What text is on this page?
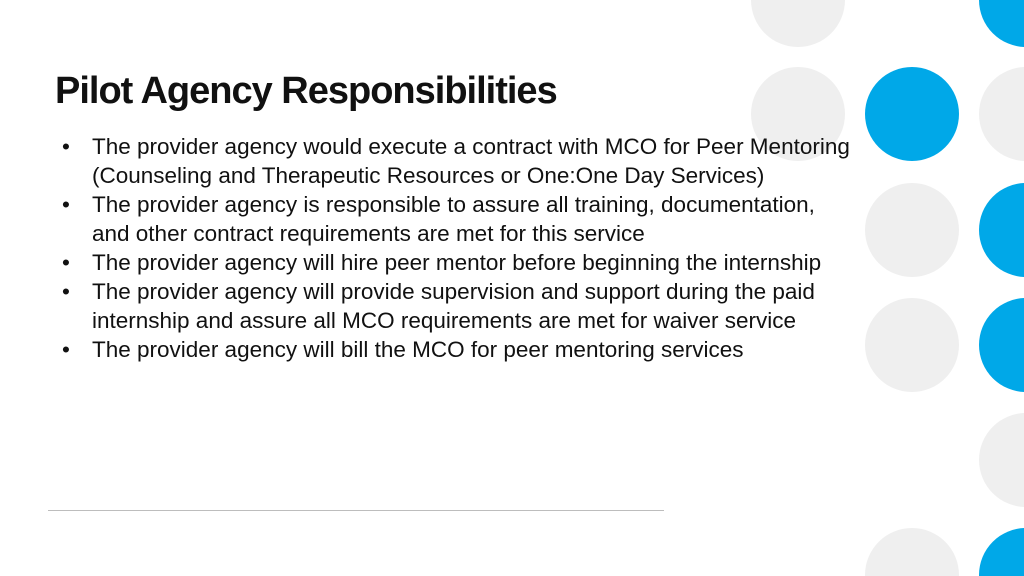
Pilot Agency Responsibilities
• The provider agency would execute a contract with MCO for Peer Mentoring (Counseling and Therapeutic Resources or One:One Day Services)
• The provider agency is responsible to assure all training, documentation, and other contract requirements are met for this service
• The provider agency will hire peer mentor before beginning the internship
• The provider agency will provide supervision and support during the paid internship and assure all MCO requirements are met for waiver service
• The provider agency will bill the MCO for peer mentoring services
